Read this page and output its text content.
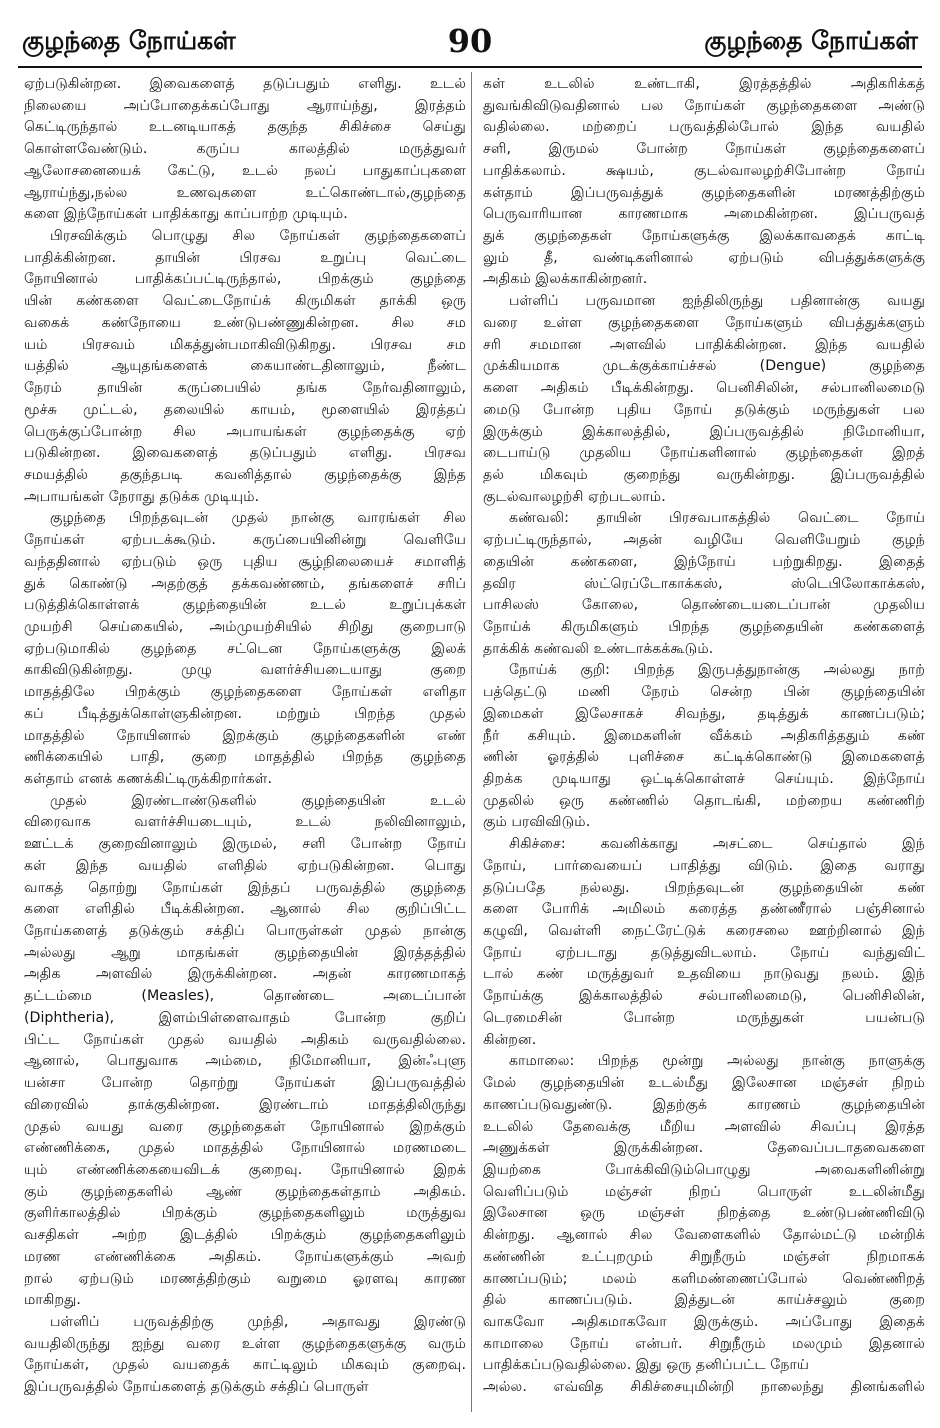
குழந்தை நோய்கள்	90	குழந்தை நோய்கள்
ஏற்படுகின்றன. இவைகளைத் தடுப்பதும் எளிது. உடல்
நிலையை அப்போதைக்கப்போது ஆராய்ந்து, இரத்தம்
கெட்டிருந்தால் உடனடியாகத் தகுந்த சிகிச்சை செய்து
கொள்ளவேண்டும். கருப்ப காலத்தில் மருத்துவர்
ஆலோசனையைக் கேட்டு, உடல் நலப் பாதுகாப்புகளை
ஆராய்ந்து,நல்ல உணவுகளை உட்கொண்டால்,குழந்தை
களை இந்நோய்கள் பாதிக்காது காப்பாற்ற முடியும்.
பிரசவிக்கும் பொழுது சில நோய்கள் குழந்தைகளைப்
பாதிக்கின்றன. தாயின் பிரசவ உறுப்பு வெட்டை
நோயினால் பாதிக்கப்பட்டிருந்தால், பிறக்கும் குழந்தை
யின் கண்களை வெட்டைநோய்க் கிருமிகள் தாக்கி ஒரு
வகைக் கண்நோயை உண்டுபண்ணுகின்றன. சில சம
யம் பிரசவம் மிகத்துன்பமாகிவிடுகிறது. பிரசவ சம
யத்தில் ஆயுதங்களைக் கையாண்டதினாலும், நீண்ட
நேரம் தாயின் கருப்பையில் தங்க நேர்வதினாலும்,
மூச்சு முட்டல், தலையில் காயம், மூளையில் இரத்தப்
பெருக்குப்போன்ற சில அபாயங்கள் குழந்தைக்கு ஏற்
படுகின்றன. இவைகளைத் தடுப்பதும் எளிது. பிரசவ
சமயத்தில் தகுந்தபடி கவனித்தால் குழந்தைக்கு இந்த
அபாயங்கள் நேராது தடுக்க முடியும்.
குழந்தை பிறந்தவுடன் முதல் நான்கு வாரங்கள் சில
நோய்கள் ஏற்படக்கூடும். கருப்பையினின்று வெளியே
வந்ததினால் ஏற்படும் ஒரு புதிய சூழ்நிலையைச் சமாளித்
துக் கொண்டு அதற்குத் தக்கவண்ணம், தங்களைச் சரிப்
படுத்திக்கொள்ளக் குழந்தையின் உடல் உறுப்புக்கள்
முயற்சி செய்கையில், அம்முயற்சியில் சிறிது குறைபாடு
ஏற்படுமாகில் குழந்தை சட்டென நோய்களுக்கு இலக்
காகிவிடுகின்றது. முழு வளர்ச்சியடையாது குறை
மாதத்திலே பிறக்கும் குழந்தைகளை நோய்கள் எளிதா
கப் பீடித்துக்கொள்ளுகின்றன. மற்றும் பிறந்த முதல்
மாதத்தில் நோயினால் இறக்கும் குழந்தைகளின் எண்
ணிக்கையில் பாதி, குறை மாதத்தில் பிறந்த குழந்தை
கள்தாம் எனக் கணக்கிட்டிருக்கிறார்கள்.
முதல் இரண்டாண்டுகளில் குழந்தையின் உடல்
விரைவாக வளர்ச்சியடையும், உடல் நலிவினாலும்,
ஊட்டக் குறைவினாலும் இருமல், சளி போன்ற நோய்
கள் இந்த வயதில் எளிதில் ஏற்படுகின்றன. பொது
வாகத் தொற்று நோய்கள் இந்தப் பருவத்தில் குழந்தை
களை எளிதில் பீடிக்கின்றன. ஆனால் சில குறிப்பிட்ட
நோய்களைத் தடுக்கும் சக்திப் பொருள்கள் முதல் நான்கு
அல்லது ஆறு மாதங்கள் குழந்தையின் இரத்தத்தில்
அதிக அளவில் இருக்கின்றன. அதன் காரணமாகத்
தட்டம்மை (Measles), தொண்டை அடைப்பான்
(Diphtheria), இளம்பிள்ளைவாதம் போன்ற குறிப்
பிட்ட நோய்கள் முதல் வயதில் அதிகம் வருவதில்லை.
ஆனால், பொதுவாக அம்மை, நிமோனியா, இன்ஃபுளு
யன்சா போன்ற தொற்று நோய்கள் இப்பருவத்தில்
விரைவில் தாக்குகின்றன. இரண்டாம் மாதத்திலிருந்து
முதல் வயது வரை குழந்தைகள் நோயினால் இறக்கும்
எண்ணிக்கை, முதல் மாதத்தில் நோயினால் மரணமடை
யும் எண்ணிக்கையைவிடக் குறைவு. நோயினால் இறக்
கும் குழந்தைகளில் ஆண் குழந்தைகள்தாம் அதிகம்.
குளிர்காலத்தில் பிறக்கும் குழந்தைகளிலும் மருத்துவ
வசதிகள் அற்ற இடத்தில் பிறக்கும் குழந்தைகளிலும்
மரண எண்ணிக்கை அதிகம். நோய்களுக்கும் அவற்
றால் ஏற்படும் மரணத்திற்கும் வறுமை ஓரளவு காரண
மாகிறது.
பள்ளிப் பருவத்திற்கு முந்தி, அதாவது இரண்டு
வயதிலிருந்து ஐந்து வரை உள்ள குழந்தைகளுக்கு வரும்
நோய்கள், முதல் வயதைக் காட்டிலும் மிகவும் குறைவு.
இப்பருவத்தில் நோய்களைத் தடுக்கும் சக்திப் பொருள்
கள் உடலில் உண்டாகி, இரத்தத்தில் அதிகரிக்கத்
துவங்கிவிடுவதினால் பல நோய்கள் குழந்தைகளை அண்டு
வதில்லை. மற்றைப் பருவத்தில்போல் இந்த வயதில்
சளி, இருமல் போன்ற நோய்கள் குழந்தைகளைப்
பாதிக்கலாம். க்ஷயம், குடல்வாலழற்சிபோன்ற நோய்
கள்தாம் இப்பருவத்துக் குழந்தைகளின் மரணத்திற்கும்
பெருவாரியான காரணமாக அமைகின்றன. இப்பருவத்
துக் குழந்தைகள் நோய்களுக்கு இலக்காவதைக் காட்டி
லும் தீ, வண்டிகளினால் ஏற்படும் விபத்துக்களுக்கு
அதிகம் இலக்காகின்றனர்.
பள்ளிப் பருவமான ஐந்திலிருந்து பதினான்கு வயது
வரை உள்ள குழந்தைகளை நோய்களும் விபத்துக்களும்
சரி சமமான அளவில் பாதிக்கின்றன. இந்த வயதில்
முக்கியமாக முடக்குக்காய்ச்சல் (Dengue) குழந்தை
களை அதிகம் பீடிக்கின்றது. பெனிசிலின், சல்பானிலமைடு
மைடு போன்ற புதிய நோய் தடுக்கும் மருந்துகள் பல
இருக்கும் இக்காலத்தில், இப்பருவத்தில் நிமோனியா,
டைபாய்டு முதலிய நோய்களினால் குழந்தைகள் இறத்
தல் மிகவும் குறைந்து வருகின்றது. இப்பருவத்தில்
குடல்வாலழற்சி ஏற்படலாம்.
கண்வலி: தாயின் பிரசவபாகத்தில் வெட்டை நோய்
ஏற்பட்டிருந்தால், அதன் வழியே வெளியேறும் குழந்
தையின் கண்களை, இந்நோய் பற்றுகிறது. இதைத்
தவிர ஸ்ட்ரெப்டோகாக்கஸ், ஸ்டெபிலோகாக்கஸ்,
பாசிலஸ் கோலை, தொண்டையடைப்பான் முதலிய
நோய்க் கிருமிகளும் பிறந்த குழந்தையின் கண்களைத்
தாக்கிக் கண்வலி உண்டாக்கக்கூடும்.
நோய்க் குறி: பிறந்த இருபத்துநான்கு அல்லது நாற்
பத்தெட்டு மணி நேரம் சென்ற பின் குழந்தையின்
இமைகள் இலேசாகச் சிவந்து, தடித்துக் காணப்படும்;
நீர் கசியும். இமைகளின் வீக்கம் அதிகரித்ததும் கண்
ணின் ஓரத்தில் புளிச்சை கட்டிக்கொண்டு இமைகளைத்
திறக்க முடியாது ஒட்டிக்கொள்ளச் செய்யும். இந்நோய்
முதலில் ஒரு கண்ணில் தொடங்கி, மற்றைய கண்ணிற்
கும் பரவிவிடும்.
சிகிச்சை: கவனிக்காது அசட்டை செய்தால் இந்
நோய், பார்வையைப் பாதித்து விடும். இதை வராது
தடுப்பதே நல்லது. பிறந்தவுடன் குழந்தையின் கண்
களை போரிக் அமிலம் கரைத்த தண்ணீரால் பஞ்சினால்
கழுவி, வெள்ளி நைட்ரேட்டுக் கரைசலை ஊற்றினால் இந்
நோய் ஏற்படாது தடுத்துவிடலாம். நோய் வந்துவிட்
டால் கண் மருத்துவர் உதவியை நாடுவது நலம். இந்
நோய்க்கு இக்காலத்தில் சல்பானிலமைடு, பெனிசிலின்,
டெரமைசின் போன்ற மருந்துகள் பயன்படு
கின்றன.
காமாலை: பிறந்த மூன்று அல்லது நான்கு நாளுக்கு
மேல் குழந்தையின் உடல்மீது இலேசான மஞ்சள் நிறம்
காணப்படுவதுண்டு. இதற்குக் காரணம் குழந்தையின்
உடலில் தேவைக்கு மீறிய அளவில் சிவப்பு இரத்த
அணுக்கள் இருக்கின்றன. தேவைப்படாதவைகளை
இயற்கை போக்கிவிடும்பொழுது அவைகளினின்று
வெளிப்படும் மஞ்சள் நிறப் பொருள் உடலின்மீது
இலேசான ஒரு மஞ்சள் நிறத்தை உண்டுபண்ணிவிடு
கின்றது. ஆனால் சில வேளைகளில் தோல்மட்டு மன்றிக்
கண்ணின் உட்புறமும் சிறுநீரும் மஞ்சள் நிறமாகக்
காணப்படும்; மலம் களிமண்ணைப்போல் வெண்ணிறத்
தில் காணப்படும். இத்துடன் காய்ச்சலும் குறை
வாகவோ அதிகமாகவோ இருக்கும். அப்போது இதைக்
காமாலை நோய் என்பர். சிறுநீரும் மலமும் இதனால்
பாதிக்கப்படுவதில்லை. இது ஒரு தனிப்பட்ட நோய்
அல்ல. எவ்வித சிகிச்சையுமின்றி நாலைந்து தினங்களில்
